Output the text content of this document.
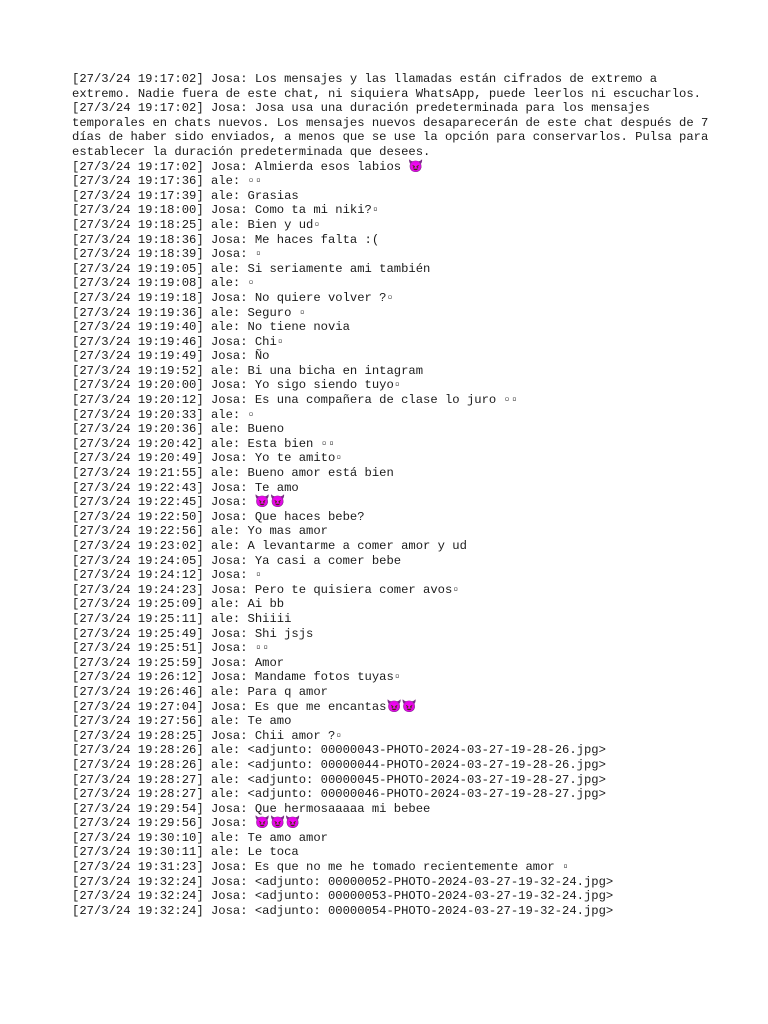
[27/3/24 19:17:02] Josa: Los mensajes y las llamadas están cifrados de extremo a extremo. Nadie fuera de este chat, ni siquiera WhatsApp, puede leerlos ni escucharlos.
[27/3/24 19:17:02] Josa: Josa usa una duración predeterminada para los mensajes temporales en chats nuevos. Los mensajes nuevos desaparecerán de este chat después de 7 días de haber sido enviados, a menos que se use la opción para conservarlos. Pulsa para establecer la duración predeterminada que desees.
[27/3/24 19:17:02] Josa: Almierda esos labios 😈
[27/3/24 19:17:36] ale: ▫▫
[27/3/24 19:17:39] ale: Grasias
[27/3/24 19:18:00] Josa: Como ta mi niki?▫
[27/3/24 19:18:25] ale: Bien y ud▫
[27/3/24 19:18:36] Josa: Me haces falta :(
[27/3/24 19:18:39] Josa: ▫
[27/3/24 19:19:05] ale: Si seriamente ami también
[27/3/24 19:19:08] ale: ▫
[27/3/24 19:19:18] Josa: No quiere volver ?▫
[27/3/24 19:19:36] ale: Seguro ▫
[27/3/24 19:19:40] ale: No tiene novia
[27/3/24 19:19:46] Josa: Chi▫
[27/3/24 19:19:49] Josa: Ño
[27/3/24 19:19:52] ale: Bi una bicha en intagram
[27/3/24 19:20:00] Josa: Yo sigo siendo tuyo▫
[27/3/24 19:20:12] Josa: Es una compañera de clase lo juro ▫▫
[27/3/24 19:20:33] ale: ▫
[27/3/24 19:20:36] ale: Bueno
[27/3/24 19:20:42] ale: Esta bien ▫▫
[27/3/24 19:20:49] Josa: Yo te amito▫
[27/3/24 19:21:55] ale: Bueno amor está bien
[27/3/24 19:22:43] Josa: Te amo
[27/3/24 19:22:45] Josa: 😈😈
[27/3/24 19:22:50] Josa: Que haces bebe?
[27/3/24 19:22:56] ale: Yo mas amor
[27/3/24 19:23:02] ale: A levantarme a comer amor y ud
[27/3/24 19:24:05] Josa: Ya casi a comer bebe
[27/3/24 19:24:12] Josa: ▫
[27/3/24 19:24:23] Josa: Pero te quisiera comer avos▫
[27/3/24 19:25:09] ale: Ai bb
[27/3/24 19:25:11] ale: Shiiii
[27/3/24 19:25:49] Josa: Shi jsjs
[27/3/24 19:25:51] Josa: ▫▫
[27/3/24 19:25:59] Josa: Amor
[27/3/24 19:26:12] Josa: Mandame fotos tuyas▫
[27/3/24 19:26:46] ale: Para q amor
[27/3/24 19:27:04] Josa: Es que me encantas😈😈
[27/3/24 19:27:56] ale: Te amo
[27/3/24 19:28:25] Josa: Chii amor ?▫
[27/3/24 19:28:26] ale: <adjunto: 00000043-PHOTO-2024-03-27-19-28-26.jpg>
[27/3/24 19:28:26] ale: <adjunto: 00000044-PHOTO-2024-03-27-19-28-26.jpg>
[27/3/24 19:28:27] ale: <adjunto: 00000045-PHOTO-2024-03-27-19-28-27.jpg>
[27/3/24 19:28:27] ale: <adjunto: 00000046-PHOTO-2024-03-27-19-28-27.jpg>
[27/3/24 19:29:54] Josa: Que hermosaaaaa mi bebee
[27/3/24 19:29:56] Josa: 😈😈😈
[27/3/24 19:30:10] ale: Te amo amor
[27/3/24 19:30:11] ale: Le toca
[27/3/24 19:31:23] Josa: Es que no me he tomado recientemente amor ▫
[27/3/24 19:32:24] Josa: <adjunto: 00000052-PHOTO-2024-03-27-19-32-24.jpg>
[27/3/24 19:32:24] Josa: <adjunto: 00000053-PHOTO-2024-03-27-19-32-24.jpg>
[27/3/24 19:32:24] Josa: <adjunto: 00000054-PHOTO-2024-03-27-19-32-24.jpg>
